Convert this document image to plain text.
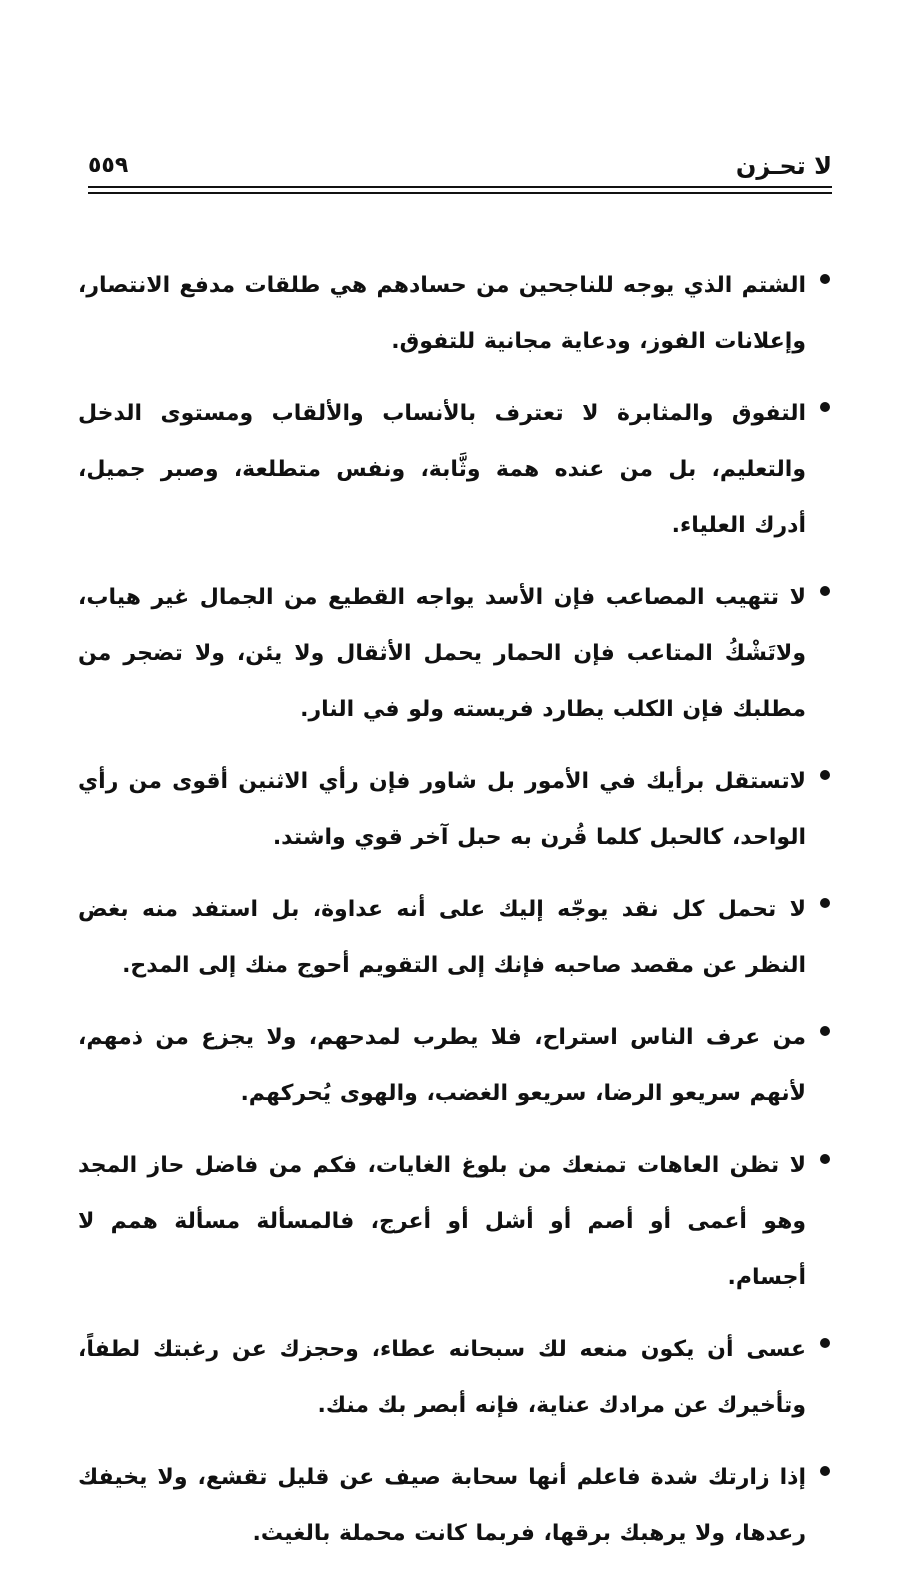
لا تحـزن
٥٥٩
الشتم الذي يوجه للناجحين من حسادهم هي طلقات مدفع الانتصار، وإعلانات الفوز، ودعاية مجانية للتفوق.
التفوق والمثابرة لا تعترف بالأنساب والألقاب ومستوى الدخل والتعليم، بل من عنده همة وثَّابة، ونفس متطلعة، وصبر جميل، أدرك العلياء.
لا تتهيب المصاعب فإن الأسد يواجه القطيع من الجمال غير هياب، ولاتَشْكُ المتاعب فإن الحمار يحمل الأثقال ولا يئن، ولا تضجر من مطلبك فإن الكلب يطارد فريسته ولو في النار.
لاتستقل برأيك في الأمور بل شاور فإن رأي الاثنين أقوى من رأي الواحد، كالحبل كلما قُرن به حبل آخر قوي واشتد.
لا تحمل كل نقد يوجّه إليك على أنه عداوة، بل استفد منه بغض النظر عن مقصد صاحبه فإنك إلى التقويم أحوج منك إلى المدح.
من عرف الناس استراح، فلا يطرب لمدحهم، ولا يجزع من ذمهم، لأنهم سريعو الرضا، سريعو الغضب، والهوى يُحركهم.
لا تظن العاهات تمنعك من بلوغ الغايات، فكم من فاضل حاز المجد وهو أعمى أو أصم أو أشل أو أعرج، فالمسألة مسألة همم لا أجسام.
عسى أن يكون منعه لك سبحانه عطاء، وحجزك عن رغبتك لطفاً، وتأخيرك عن مرادك عناية، فإنه أبصر بك منك.
إذا زارتك شدة فاعلم أنها سحابة صيف عن قليل تقشع، ولا يخيفك رعدها، ولا يرهبك برقها، فربما كانت محملة بالغيث.
